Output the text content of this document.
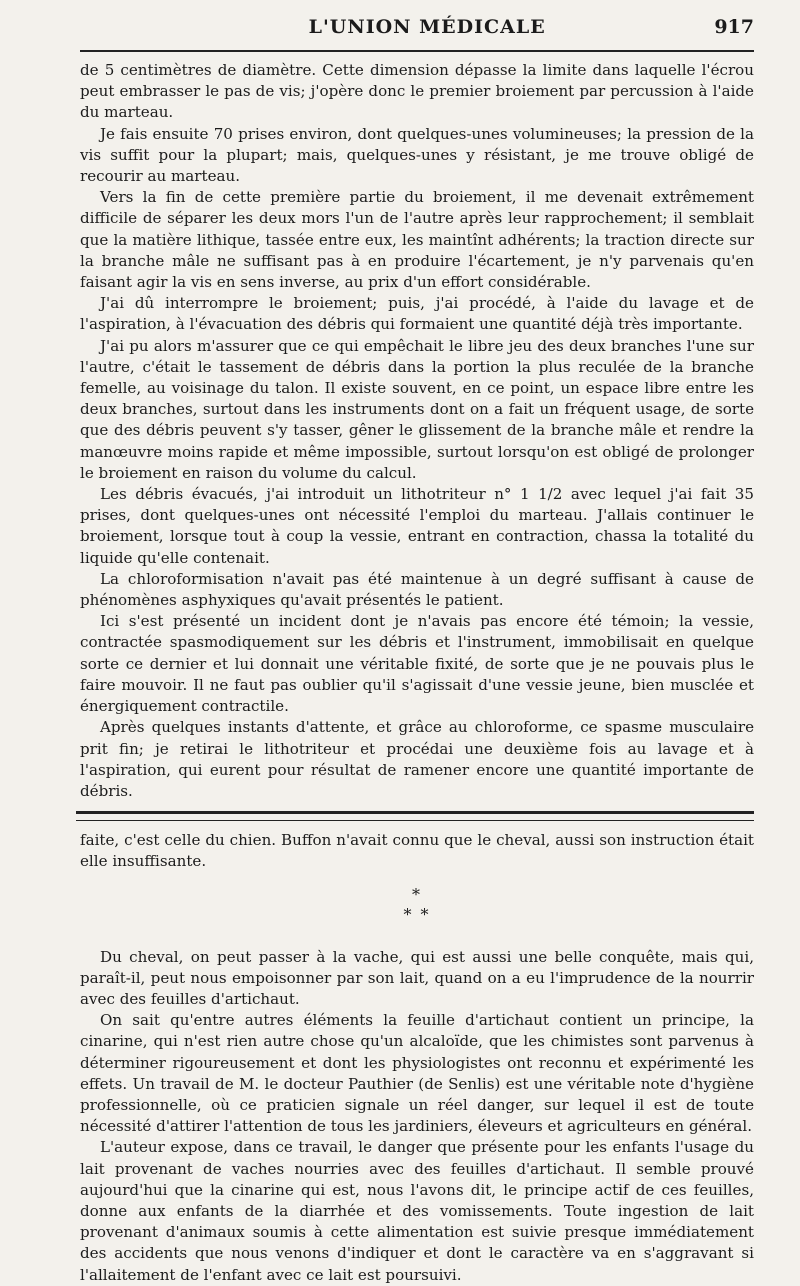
L'UNION MÉDICALE	917

de 5 centimètres de diamètre. Cette dimension dépasse la limite dans laquelle l'écrou peut embrasser le pas de vis; j'opère donc le premier broiement par percussion à l'aide du marteau.

Je fais ensuite 70 prises environ, dont quelques-unes volumineuses; la pression de la vis suffit pour la plupart; mais, quelques-unes y résistant, je me trouve obligé de recourir au marteau.

Vers la fin de cette première partie du broiement, il me devenait extrêmement difficile de séparer les deux mors l'un de l'autre après leur rapprochement; il semblait que la matière lithique, tassée entre eux, les maintînt adhérents; la traction directe sur la branche mâle ne suffisant pas à en produire l'écartement, je n'y parvenais qu'en faisant agir la vis en sens inverse, au prix d'un effort considérable.

J'ai dû interrompre le broiement; puis, j'ai procédé, à l'aide du lavage et de l'aspiration, à l'évacuation des débris qui formaient une quantité déjà très importante.

J'ai pu alors m'assurer que ce qui empêchait le libre jeu des deux branches l'une sur l'autre, c'était le tassement de débris dans la portion la plus reculée de la branche femelle, au voisinage du talon. Il existe souvent, en ce point, un espace libre entre les deux branches, surtout dans les instruments dont on a fait un fréquent usage, de sorte que des débris peuvent s'y tasser, gêner le glissement de la branche mâle et rendre la manœuvre moins rapide et même impossible, surtout lorsqu'on est obligé de prolonger le broiement en raison du volume du calcul.

Les débris évacués, j'ai introduit un lithotriteur n° 1 1/2 avec lequel j'ai fait 35 prises, dont quelques-unes ont nécessité l'emploi du marteau. J'allais continuer le broiement, lorsque tout à coup la vessie, entrant en contraction, chassa la totalité du liquide qu'elle contenait.

La chloroformisation n'avait pas été maintenue à un degré suffisant à cause de phénomènes asphyxiques qu'avait présentés le patient.

Ici s'est présenté un incident dont je n'avais pas encore été témoin; la vessie, contractée spasmodiquement sur les débris et l'instrument, immobilisait en quelque sorte ce dernier et lui donnait une véritable fixité, de sorte que je ne pouvais plus le faire mouvoir. Il ne faut pas oublier qu'il s'agissait d'une vessie jeune, bien musclée et énergiquement contractile.

Après quelques instants d'attente, et grâce au chloroforme, ce spasme musculaire prit fin; je retirai le lithotriteur et procédai une deuxième fois au lavage et à l'aspiration, qui eurent pour résultat de ramener encore une quantité importante de débris.

faite, c'est celle du chien. Buffon n'avait connu que le cheval, aussi son instruction était elle insuffisante.

*
* *

Du cheval, on peut passer à la vache, qui est aussi une belle conquête, mais qui, paraît-il, peut nous empoisonner par son lait, quand on a eu l'imprudence de la nourrir avec des feuilles d'artichaut.

On sait qu'entre autres éléments la feuille d'artichaut contient un principe, la cinarine, qui n'est rien autre chose qu'un alcaloïde, que les chimistes sont parvenus à déterminer rigoureusement et dont les physiologistes ont reconnu et expérimenté les effets. Un travail de M. le docteur Pauthier (de Senlis) est une véritable note d'hygiène professionnelle, où ce praticien signale un réel danger, sur lequel il est de toute nécessité d'attirer l'attention de tous les jardiniers, éleveurs et agriculteurs en général.

L'auteur expose, dans ce travail, le danger que présente pour les enfants l'usage du lait provenant de vaches nourries avec des feuilles d'artichaut. Il semble prouvé aujourd'hui que la cinarine qui est, nous l'avons dit, le principe actif de ces feuilles, donne aux enfants de la diarrhée et des vomissements. Toute ingestion de lait provenant d'animaux soumis à cette alimentation est suivie presque immédiatement des accidents que nous venons d'indiquer et dont le caractère va en s'aggravant si l'allaitement de l'enfant avec ce lait est poursuivi.
